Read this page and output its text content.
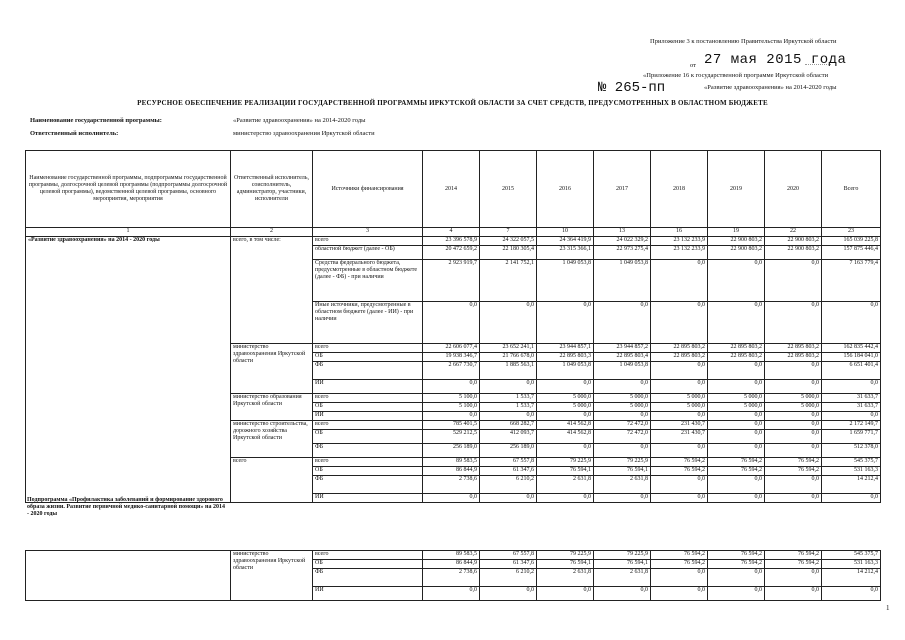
Приложение 3 к постановлению Правительства Иркутской области
от 27 мая 2015 года
«Приложение 16 к государственной программе Иркутской области
№ 265-пп	«Развитие здравоохранения» на 2014-2020 годы
РЕСУРСНОЕ ОБЕСПЕЧЕНИЕ РЕАЛИЗАЦИИ ГОСУДАРСТВЕННОЙ ПРОГРАММЫ ИРКУТСКОЙ ОБЛАСТИ ЗА СЧЕТ СРЕДСТВ, ПРЕДУСМОТРЕННЫХ В ОБЛАСТНОМ БЮДЖЕТЕ
Наименование государственной программы:	«Развитие здравоохранения» на 2014-2020 годы
Ответственный исполнитель:	министерство здравоохранения Иркутской области
Наименование государственной программы, подпрограммы государственной программы, долгосрочной целевой программы (подпрограммы долгосрочной целевой программы), ведомственной целевой программы, основного мероприятия, мероприятия	Ответственный исполнитель, соисполнитель, администратор, участники, исполнители	Источники финансирования	2014	2015	2016	2017	2018	2019	2020	Всего
1	2	3	4	7	10	13	16	19	22	23
«Развитие здравоохранения» на 2014 - 2020 годы	всего, в том числе:	всего	23 396 578,9	24 322 057,5	24 364 419,9	24 022 329,2	23 132 233,9	22 900 803,2	22 900 803,2	165 039 225,8
		областной бюджет (далее - ОБ)	20 472 659,2	22 180 305,4	23 315 366,1	22 973 275,4	23 132 233,9	22 900 803,2	22 900 803,2	157 875 446,4
		Средства федерального бюджета, предусмотренные в областном бюджете (далее - ФБ) - при наличии	2 923 919,7	2 141 752,1	1 049 053,8	1 049 053,8	0,0	0,0	0,0	7 163 779,4
		Иные источники, предусмотренные в областном бюджете (далее - ИИ) - при наличии	0,0	0,0	0,0	0,0	0,0	0,0	0,0	0,0
	министерство здравоохранения Иркутской области	всего	22 606 077,4	23 652 241,1	23 944 857,1	23 944 857,2	22 895 803,2	22 895 803,2	22 895 803,2	162 835 442,4
		ОБ	19 938 346,7	21 766 678,0	22 895 803,3	22 895 803,4	22 895 803,2	22 895 803,2	22 895 803,2	156 184 041,0
		ФБ	2 667 730,7	1 885 563,1	1 049 053,8	1 049 053,8	0,0	0,0	0,0	6 651 401,4
		ИИ	0,0	0,0	0,0	0,0	0,0	0,0	0,0	0,0
	министерство образования Иркутской области	всего	5 100,0	1 533,7	5 000,0	5 000,0	5 000,0	5 000,0	5 000,0	31 633,7
		ОБ	5 100,0	1 533,7	5 000,0	5 000,0	5 000,0	5 000,0	5 000,0	31 633,7
		ИИ	0,0	0,0	0,0	0,0	0,0	0,0	0,0	0,0
	министерство строительства, дорожного хозяйства Иркутской области	всего	785 401,5	668 282,7	414 562,8	72 472,0	231 430,7	0,0	0,0	2 172 149,7
		ОБ	529 212,5	412 093,7	414 562,8	72 472,0	231 430,7	0,0	0,0	1 659 771,7
		ФБ	256 189,0	256 189,0	0,0	0,0	0,0	0,0	0,0	512 378,0
	всего	всего	89 583,5	67 557,8	79 225,9	79 225,9	76 594,2	76 594,2	76 594,2	545 375,7
		ОБ	86 844,9	61 347,6	76 594,1	76 594,1	76 594,2	76 594,2	76 594,2	531 163,3
		ФБ	2 738,6	6 210,2	2 631,8	2 631,8	0,0	0,0	0,0	14 212,4
		ИИ	0,0	0,0	0,0	0,0	0,0	0,0	0,0	0,0
Подпрограмма «Профилактика заболеваний и формирование здорового образа жизни. Развитие первичной медико-санитарной помощи» на 2014 - 2020 годы
	министерство здравоохранения Иркутской области	всего	89 583,5	67 557,8	79 225,9	79 225,9	76 594,2	76 594,2	76 594,2	545 375,7
		ОБ	86 844,9	61 347,6	76 594,1	76 594,1	76 594,2	76 594,2	76 594,2	531 163,3
		ФБ	2 738,6	6 210,2	2 631,8	2 631,8	0,0	0,0	0,0	14 212,4
		ИИ	0,0	0,0	0,0	0,0	0,0	0,0	0,0	0,0
1
